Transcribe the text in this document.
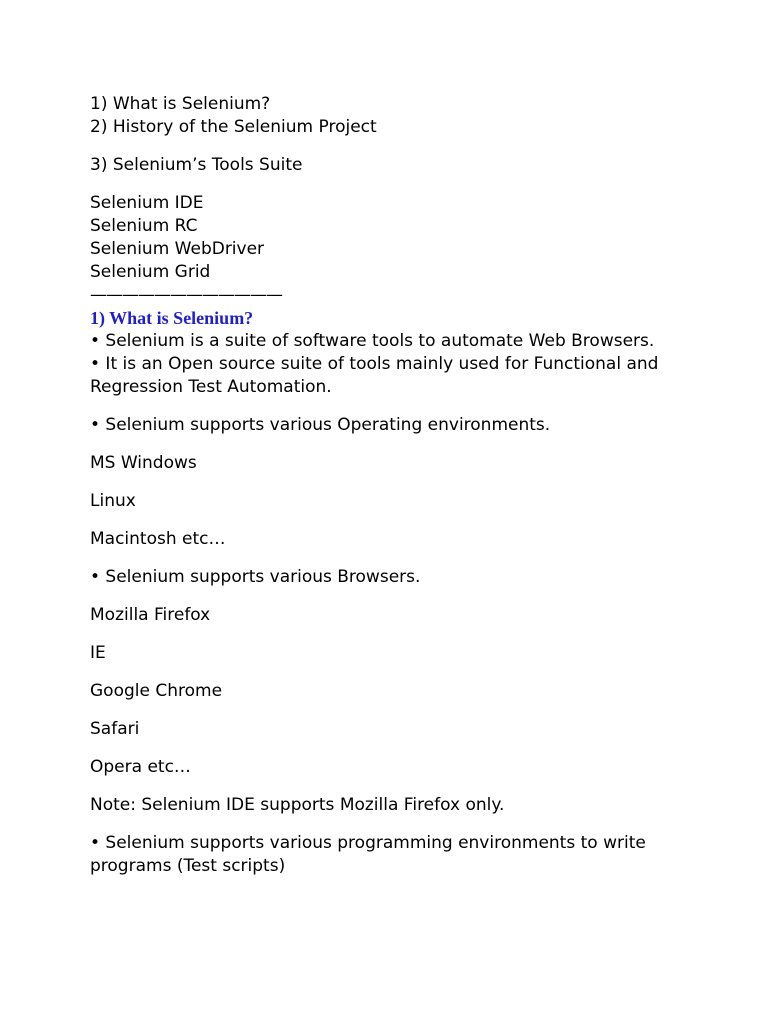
1) What is Selenium?

2) History of the Selenium Project

3) Selenium’s Tools Suite

Selenium IDE
Selenium RC
Selenium WebDriver
Selenium Grid
————————————

1) What is Selenium?

• Selenium is a suite of software tools to automate Web Browsers.

• It is an Open source suite of tools mainly used for Functional and Regression Test Automation.

• Selenium supports various Operating environments.

MS Windows

Linux

Macintosh etc…

• Selenium supports various Browsers.

Mozilla Firefox

IE

Google Chrome

Safari

Opera etc…

Note: Selenium IDE supports Mozilla Firefox only.

• Selenium supports various programming environments to write programs (Test scripts)
